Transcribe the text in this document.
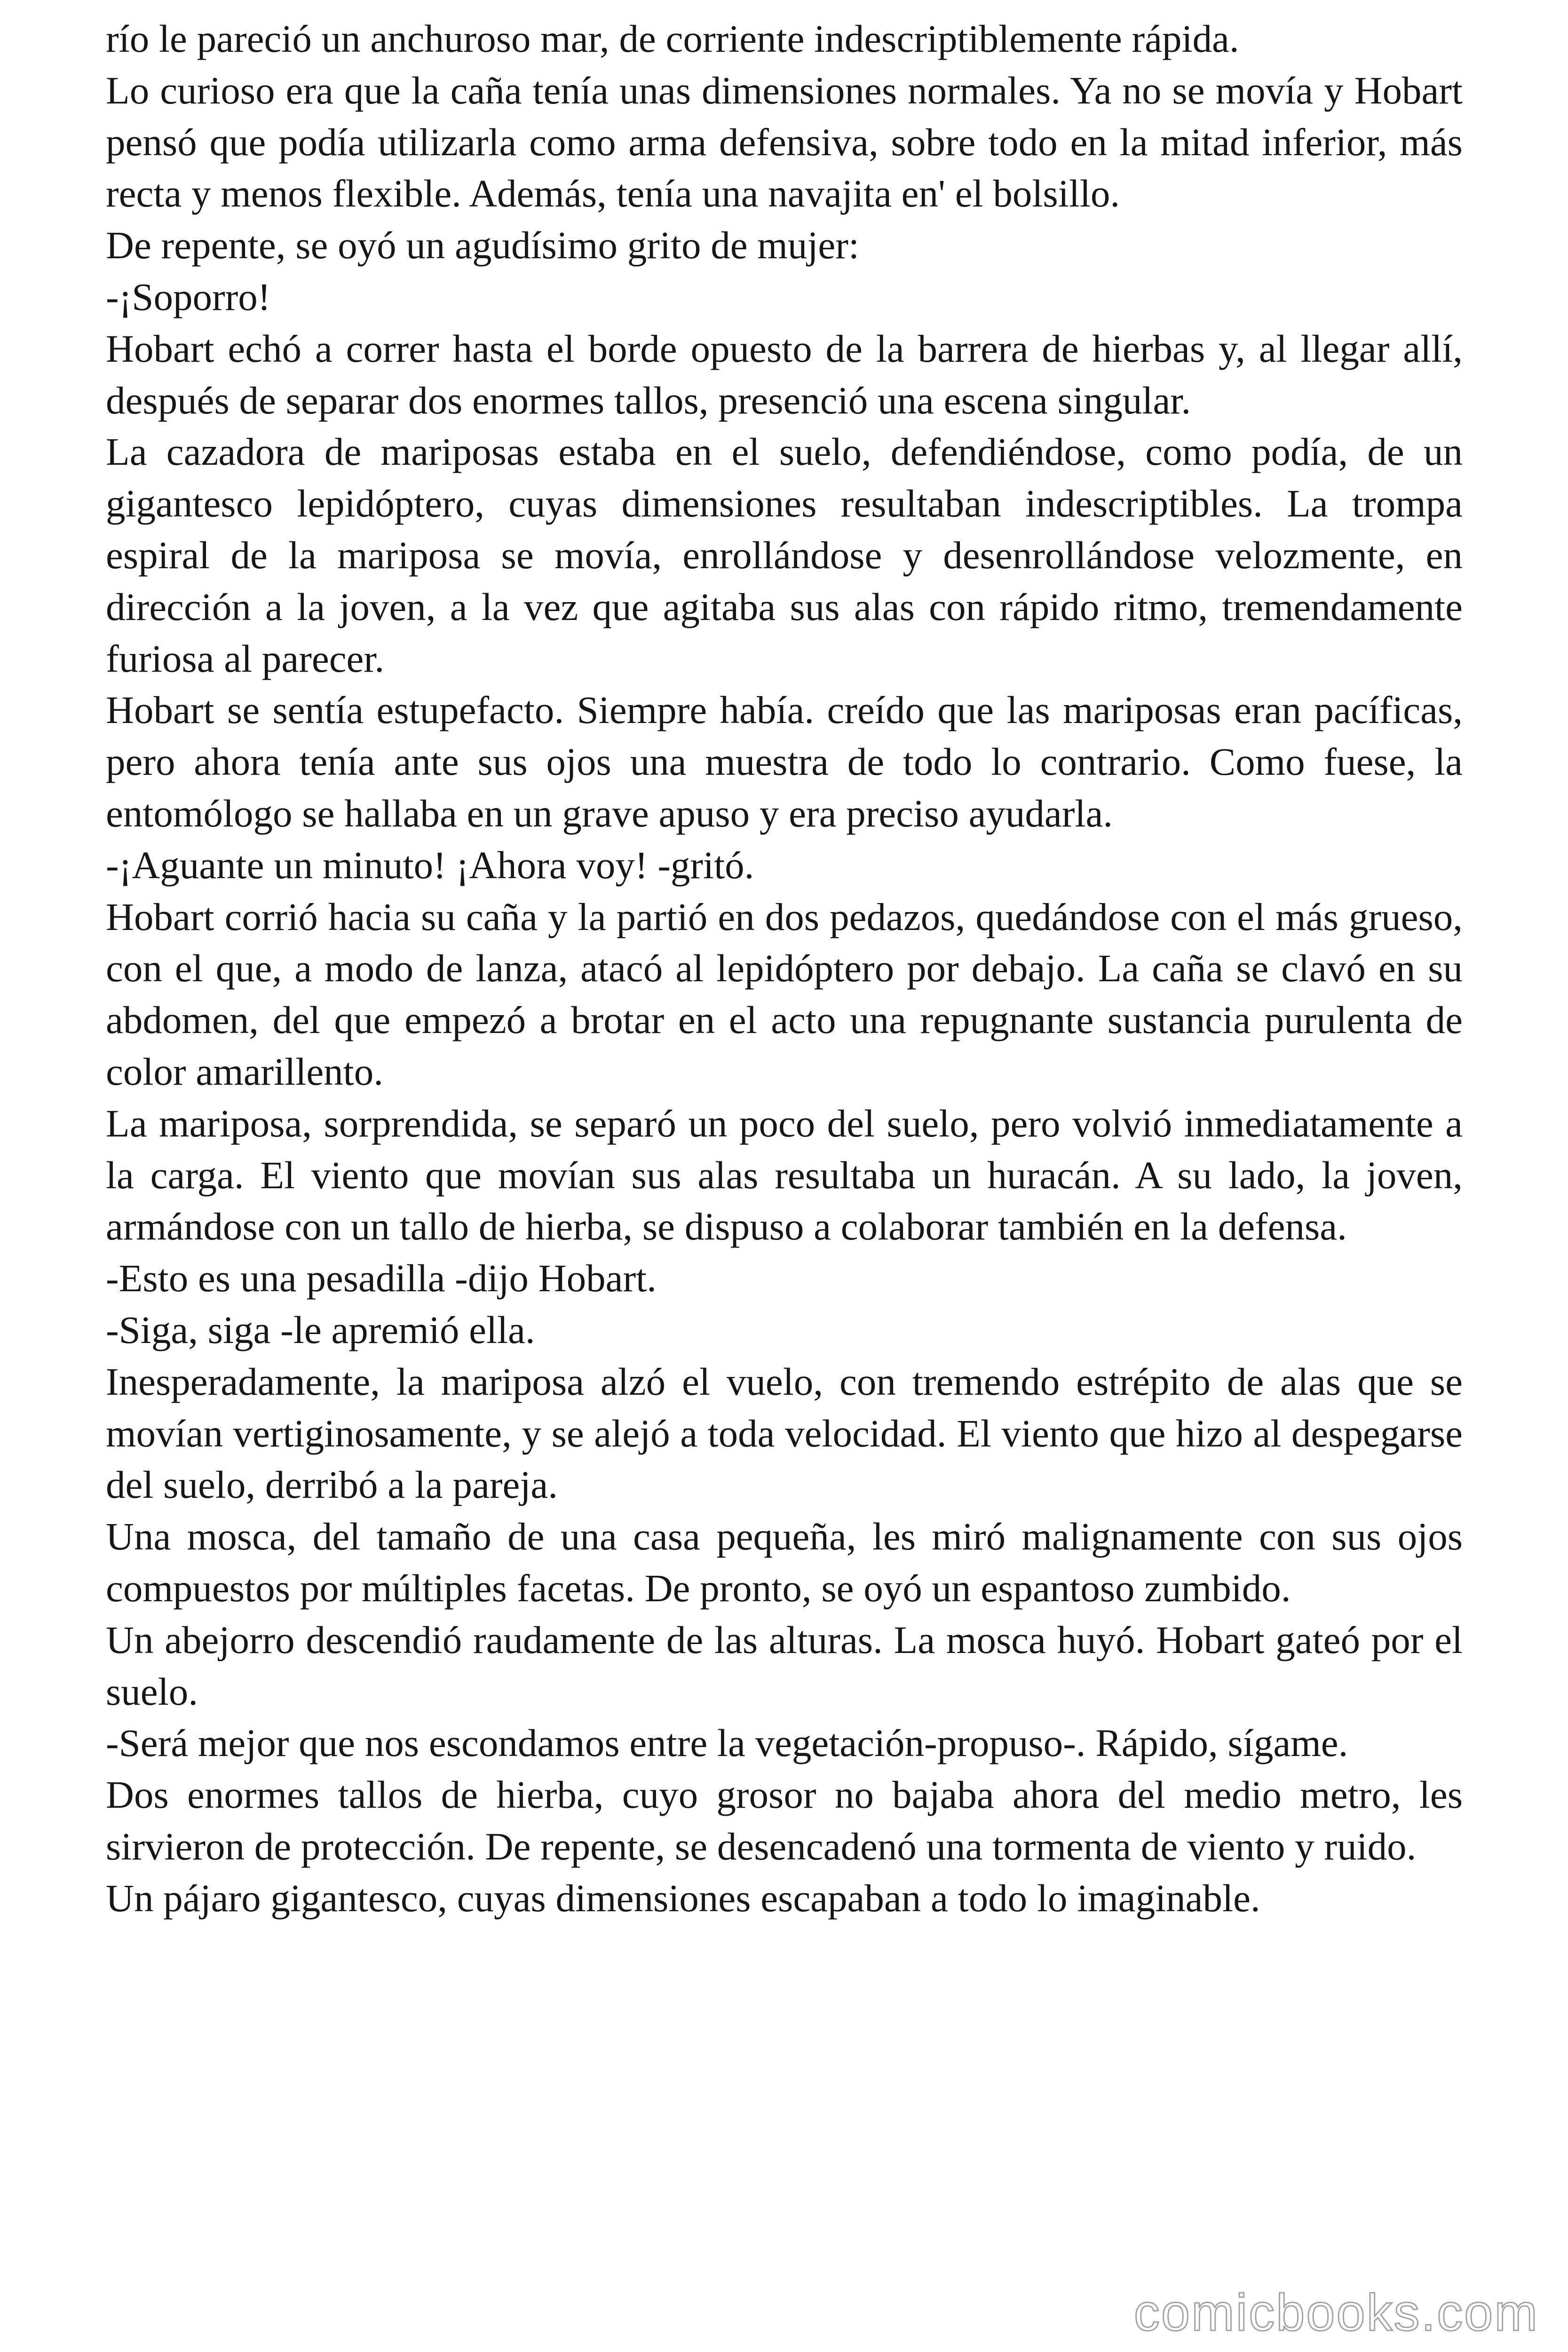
río le pareció un anchuroso mar, de corriente indescriptiblemente rápida.

Lo curioso era que la caña tenía unas dimensiones normales. Ya no se movía y Hobart pensó que podía utilizarla como arma defensiva, sobre todo en la mitad inferior, más recta y menos flexible. Además, tenía una navajita en' el bolsillo.

De repente, se oyó un agudísimo grito de mujer:

-¡Soporro!

Hobart echó a correr hasta el borde opuesto de la barrera de hierbas y, al llegar allí, después de separar dos enormes tallos, presenció una escena singular.

La cazadora de mariposas estaba en el suelo, defendiéndose, como podía, de un gigantesco lepidóptero, cuyas dimensiones resultaban indescriptibles. La trompa espiral de la mariposa se movía, enrollándose y desenrollándose velozmente, en dirección a la joven, a la vez que agitaba sus alas con rápido ritmo, tremendamente furiosa al parecer.

Hobart se sentía estupefacto. Siempre había. creído que las mariposas eran pacíficas, pero ahora tenía ante sus ojos una muestra de todo lo contrario. Como fuese, la entomólogo se hallaba en un grave apuso y era preciso ayudarla.

-¡Aguante un minuto! ¡Ahora voy! -gritó.

Hobart corrió hacia su caña y la partió en dos pedazos, quedándose con el más grueso, con el que, a modo de lanza, atacó al lepidóptero por debajo. La caña se clavó en su abdomen, del que empezó a brotar en el acto una repugnante sustancia purulenta de color amarillento.

La mariposa, sorprendida, se separó un poco del suelo, pero volvió inmediatamente a la carga. El viento que movían sus alas resultaba un huracán. A su lado, la joven, armándose con un tallo de hierba, se dispuso a colaborar también en la defensa.

-Esto es una pesadilla -dijo Hobart.

-Siga, siga -le apremió ella.

Inesperadamente, la mariposa alzó el vuelo, con tremendo estrépito de alas que se movían vertiginosamente, y se alejó a toda velocidad. El viento que hizo al despegarse del suelo, derribó a la pareja.

Una mosca, del tamaño de una casa pequeña, les miró malignamente con sus ojos compuestos por múltiples facetas. De pronto, se oyó un espantoso zumbido.

Un abejorro descendió raudamente de las alturas. La mosca huyó. Hobart gateó por el suelo.

-Será mejor que nos escondamos entre la vegetación-propuso-. Rápido, sígame.

Dos enormes tallos de hierba, cuyo grosor no bajaba ahora del medio metro, les sirvieron de protección. De repente, se desencadenó una tormenta de viento y ruido.

Un pájaro gigantesco, cuyas dimensiones escapaban a todo lo imaginable.

comicbooks.com
